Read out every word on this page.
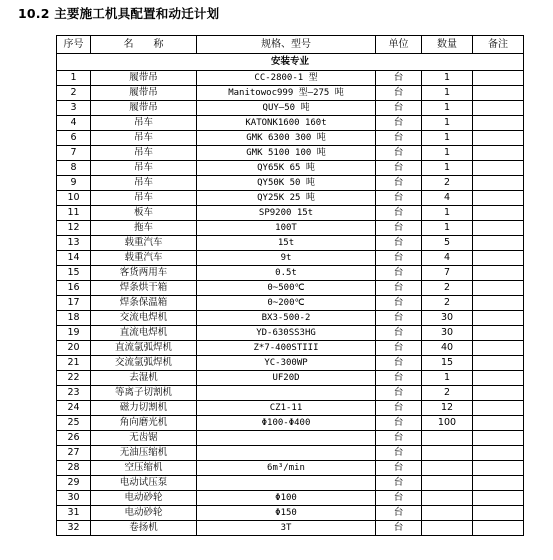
10.2 主要施工机具配置和动迁计划
序号	名　　称	规格、型号	单位	数量	备注
安装专业					
1	履带吊	CC-2800-1 型	台	1	
2	履带吊	Manitowoc999 型—275 吨	台	1	
3	履带吊	QUY—50 吨	台	1	
4	吊车	KATONK1600 160t	台	1	
6	吊车	GMK 6300 300 吨	台	1	
7	吊车	GMK 5100 100 吨	台	1	
8	吊车	QY65K 65 吨	台	1	
9	吊车	QY50K 50 吨	台	2	
10	吊车	QY25K 25 吨	台	4	
11	板车	SP9200 15t	台	1	
12	拖车	100T	台	1	
13	载重汽车	15t	台	5	
14	载重汽车	9t	台	4	
15	客货两用车	0.5t	台	7	
16	焊条烘干箱	0~500℃	台	2	
17	焊条保温箱	0~200℃	台	2	
18	交流电焊机	BX3-500-2	台	30	
19	直流电焊机	YD-630SS3HG	台	30	
20	直流氩弧焊机	Z*7-400STIII	台	40	
21	交流氩弧焊机	YC-300WP	台	15	
22	去湿机	UF20D	台	1	
23	等离子切割机		台	2	
24	磁力切割机	CZ1-11	台	12	
25	角向磨光机	Φ100-Φ400	台	100	
26	无齿锯		台		
27	无油压缩机		台		
28	空压缩机	6m³/min	台		
29	电动试压泵		台		
30	电动砂轮	Φ100	台		
31	电动砂轮	Φ150	台		
32	卷扬机	3T	台		
